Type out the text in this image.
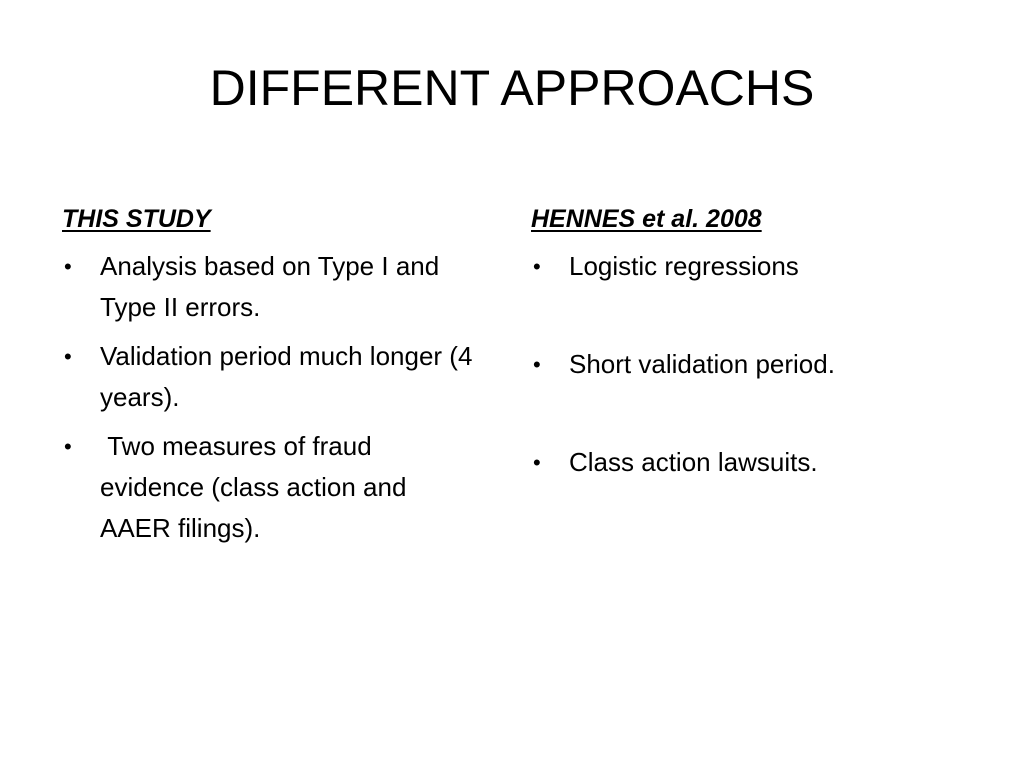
DIFFERENT APPROACHS
THIS STUDY
• Analysis based on Type I and Type II errors.
• Validation period much longer (4 years).
• Two measures of fraud evidence (class action and AAER filings).
HENNES et al. 2008
• Logistic regressions
• Short validation period.
• Class action lawsuits.
